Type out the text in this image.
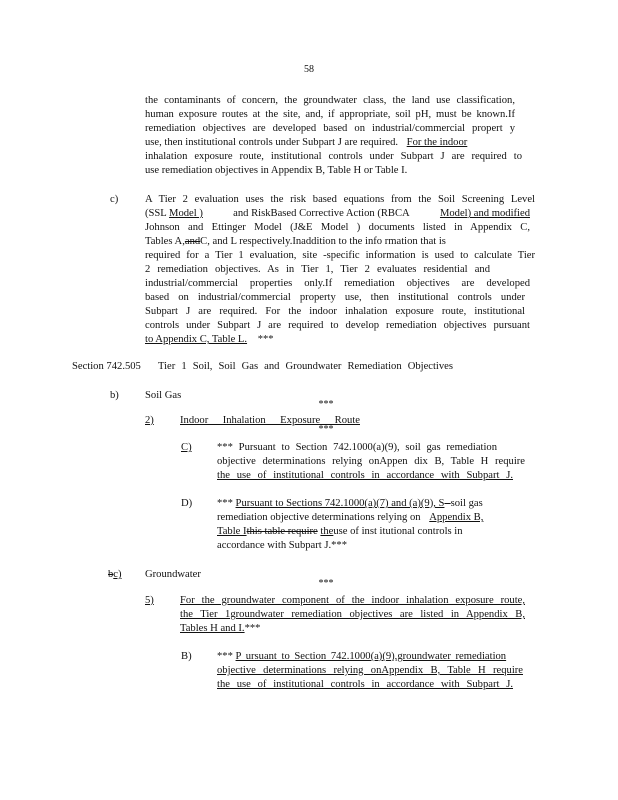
58
the contaminants of concern, the groundwater class, the land use classification,
human exposure routes at the site, and, if appropriate, soil pH, must be known.If
remediation objectives are developed based on industrial/commercial propert y
use, then institutional controls under Subpart J are required. For the indoor
inhalation exposure route, institutional controls under Subpart J are required to
use remediation objectives in Appendix B, Table H or Table I.
c)	A Tier 2 evaluation uses the risk based equations from the Soil Screening Level
(SSL Model )	and RiskBased Corrective Action (RBCA	Model) and modified
Johnson and Ettinger Model (J&E Model ) documents listed in Appendix C,
Tables A,andC, and L respectively.Inaddition to the info rmation that is
required for a Tier 1 evaluation, site -specific information is used to calculate Tier
2 remediation objectives. As in Tier 1, Tier 2 evaluates residential and
industrial/commercial properties only.If remediation objectives are developed
based on industrial/commercial property use, then institutional controls under
Subpart J are required. For the indoor inhalation exposure route, institutional
controls under Subpart J are required to develop remediation objectives pursuant
to Appendix C, Table L. ***
Section 742.505 Tier 1 Soil, Soil Gas and Groundwater Remediation Objectives
b) Soil Gas
***
2) Indoor Inhalation Exposure Route
***
C) *** Pursuant to Section 742.1000(a)(9), soil gas remediation
objective determinations relying onAppen dix B, Table H require
the use of institutional controls in accordance with Subpart J.
D) *** Pursuant to Sections 742.1000(a)(7) and (a)(9), S -soil gas
remediation objective determinations relying on Appendix B,
Table Ithis table require theuse of inst itutional controls in
accordance with Subpart J.***
bc) Groundwater
***
5) For the groundwater component of the indoor inhalation exposure route,
the Tier 1groundwater remediation objectives are listed in Appendix B,
Tables H and I.***
B) *** P ursuant to Section 742.1000(a)(9),groundwater remediation
objective determinations relying onAppendix B, Table H require
the use of institutional controls in accordance with Subpart J.
